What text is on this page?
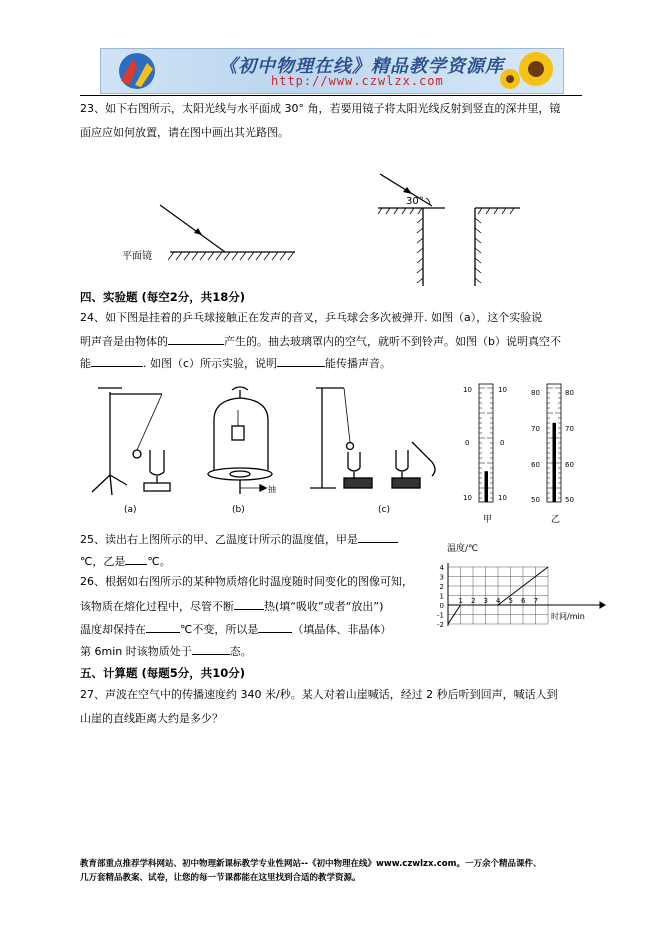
《初中物理在线》精品教学资源库
http://www.czwlzx.com
23、如下右图所示，太阳光线与水平面成 30° 角，若要用镜子将太阳光线反射到竖直的深井里，镜
面应应如何放置，请在图中画出其光路图。
平面镜
30°
四、实验题 (每空2分，共18分)
24、如下图是挂着的乒乓球接触正在发声的音叉，乒乓球会多次被弹开. 如图（a），这个实验说
明声音是由物体的	产生的。抽去玻璃罩内的空气，就听不到铃声。如图（b）说明真空不
能	. 如图（c）所示实验，说明	能传播声音。
(a)
抽
(b)	(c)
10	10
0	0
10	10
甲
80	80
70	70
60	60
50	50
乙
25、读出右上图所示的甲、乙温度计所示的温度值，甲是
℃，乙是 ℃。
26、根据如右图所示的某种物质熔化时温度随时间变化的图像可知，
该物质在熔化过程中，尽管不断	热(填“吸收”或者“放出”)
温度却保持在	℃不变，所以是	（填晶体、非晶体）
第 6min 时该物质处于	态。
4
3
2
1
0
-1
-2
1 2 3 4 5 6 7
温度/℃
时间/min
五、计算题 (每题5分，共10分)
27、声波在空气中的传播速度约 340 米/秒。某人对着山崖喊话，经过 2 秒后听到回声，喊话人到
山崖的直线距离大约是多少？
教育部重点推荐学科网站、初中物理新课标教学专业性网站--《初中物理在线》www.czwlzx.com。一万余个精品课件、
几万套精品教案、试卷，让您的每一节课都能在这里找到合适的教学资源。
